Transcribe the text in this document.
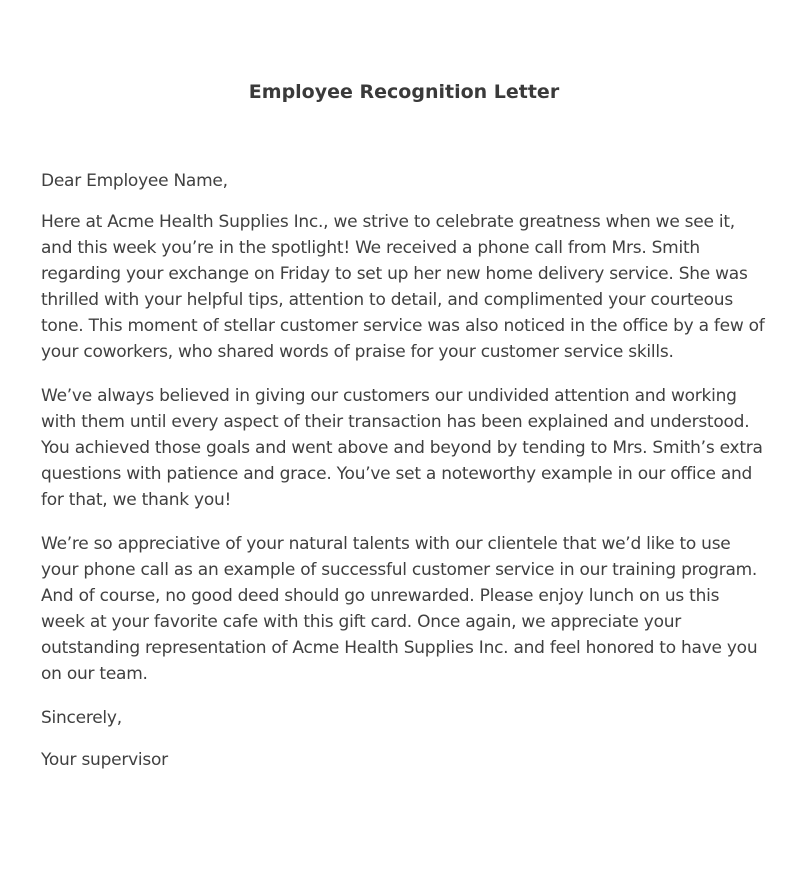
Employee Recognition Letter

Dear Employee Name,

Here at Acme Health Supplies Inc., we strive to celebrate greatness when we see it, and this week you’re in the spotlight! We received a phone call from Mrs. Smith regarding your exchange on Friday to set up her new home delivery service. She was thrilled with your helpful tips, attention to detail, and complimented your courteous tone. This moment of stellar customer service was also noticed in the office by a few of your coworkers, who shared words of praise for your customer service skills.

We’ve always believed in giving our customers our undivided attention and working with them until every aspect of their transaction has been explained and understood. You achieved those goals and went above and beyond by tending to Mrs. Smith’s extra questions with patience and grace. You’ve set a noteworthy example in our office and for that, we thank you!

We’re so appreciative of your natural talents with our clientele that we’d like to use your phone call as an example of successful customer service in our training program. And of course, no good deed should go unrewarded. Please enjoy lunch on us this week at your favorite cafe with this gift card. Once again, we appreciate your outstanding representation of Acme Health Supplies Inc. and feel honored to have you on our team.

Sincerely,

Your supervisor
